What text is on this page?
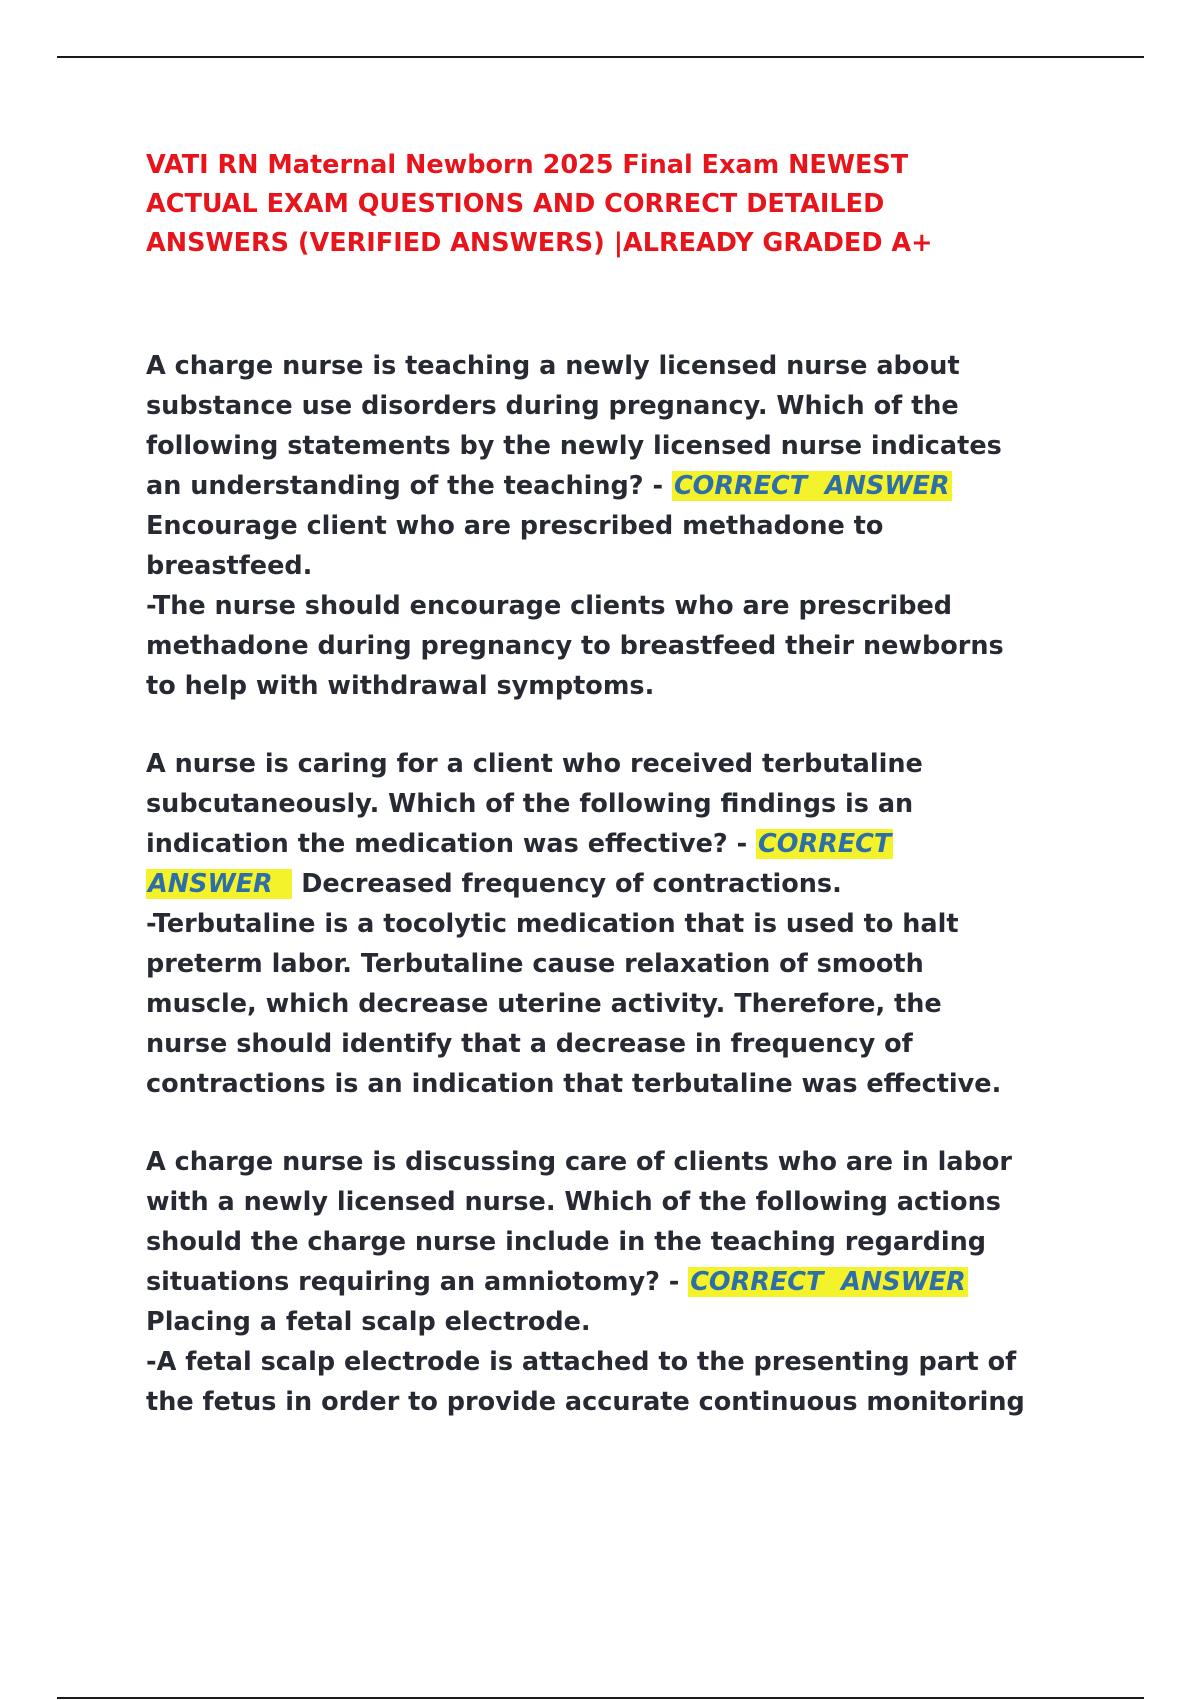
VATI RN Maternal Newborn 2025 Final Exam NEWEST
ACTUAL EXAM QUESTIONS AND CORRECT DETAILED
ANSWERS (VERIFIED ANSWERS) |ALREADY GRADED A+
A charge nurse is teaching a newly licensed nurse about
substance use disorders during pregnancy. Which of the
following statements by the newly licensed nurse indicates
an understanding of the teaching? - CORRECT  ANSWER
Encourage client who are prescribed methadone to
breastfeed.
-The nurse should encourage clients who are prescribed
methadone during pregnancy to breastfeed their newborns
to help with withdrawal symptoms.
A nurse is caring for a client who received terbutaline
subcutaneously. Which of the following findings is an
indication the medication was effective? - CORRECT
ANSWER   Decreased frequency of contractions.
-Terbutaline is a tocolytic medication that is used to halt
preterm labor. Terbutaline cause relaxation of smooth
muscle, which decrease uterine activity. Therefore, the
nurse should identify that a decrease in frequency of
contractions is an indication that terbutaline was effective.
A charge nurse is discussing care of clients who are in labor
with a newly licensed nurse. Which of the following actions
should the charge nurse include in the teaching regarding
situations requiring an amniotomy? - CORRECT  ANSWER
Placing a fetal scalp electrode.
-A fetal scalp electrode is attached to the presenting part of
the fetus in order to provide accurate continuous monitoring
